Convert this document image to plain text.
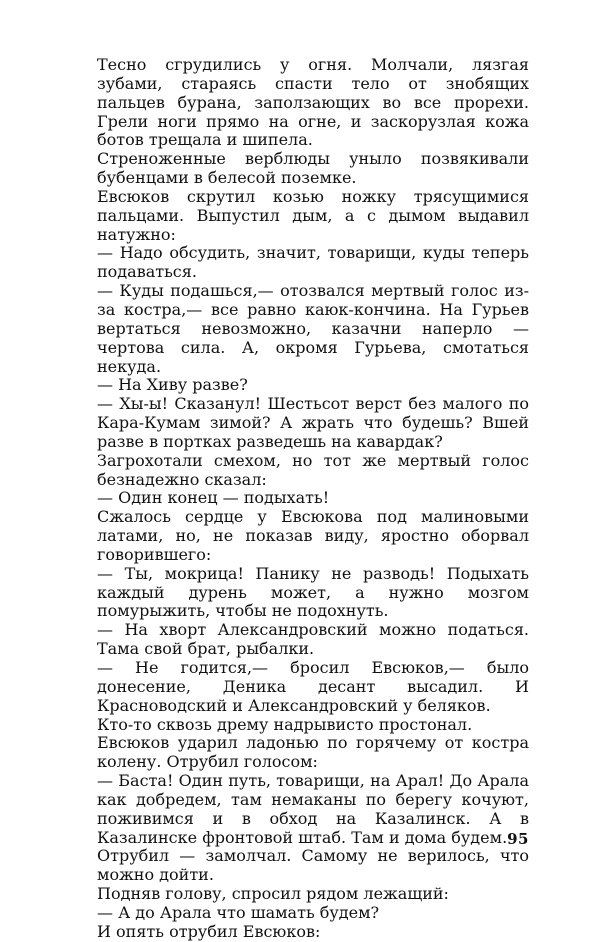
Тесно сгрудились у огня. Молчали, лязгая зубами, стараясь спасти тело от знобящих пальцев бурана, заползающих во все прорехи. Грели ноги прямо на огне, и заскорузлая кожа ботов трещала и шипела.

Стреноженные верблюды уныло позвякивали бубенцами в белесой поземке.

Евсюков скрутил козью ножку трясущимися пальцами. Выпустил дым, а с дымом выдавил натужно:

— Надо обсудить, значит, товарищи, куды теперь подаваться.

— Куды подашься,— отозвался мертвый голос из-за костра,— все равно каюк-кончина. На Гурьев вертаться невозможно, казачни наперло — чертова сила. А, окромя Гурьева, смотаться некуда.

— На Хиву разве?

— Хы-ы! Сказанул! Шестьсот верст без малого по Кара-Кумам зимой? А жрать что будешь? Вшей разве в портках разведешь на кавардак?

Загрохотали смехом, но тот же мертвый голос безнадежно сказал:

— Один конец — подыхать!

Сжалось сердце у Евсюкова под малиновыми латами, но, не показав виду, яростно оборвал говорившего:

— Ты, мокрица! Панику не разводь! Подыхать каждый дурень может, а нужно мозгом помурыжить, чтобы не подохнуть.

— На хворт Александровский можно податься. Тама свой брат, рыбалки.

— Не годится,— бросил Евсюков,— было донесение, Деника десант высадил. И Красноводский и Александровский у беляков.

Кто-то сквозь дрему надрывисто простонал.

Евсюков ударил ладонью по горячему от костра колену. Отрубил голосом:

— Баста! Один путь, товарищи, на Арал! До Арала как добредем, там немаканы по берегу кочуют, поживимся и в обход на Казалинск. А в Казалинске фронтовой штаб. Там и дома будем.

Отрубил — замолчал. Самому не верилось, что можно дойти.

Подняв голову, спросил рядом лежащий:

— А до Арала что шамать будем?

И опять отрубил Евсюков:

95
